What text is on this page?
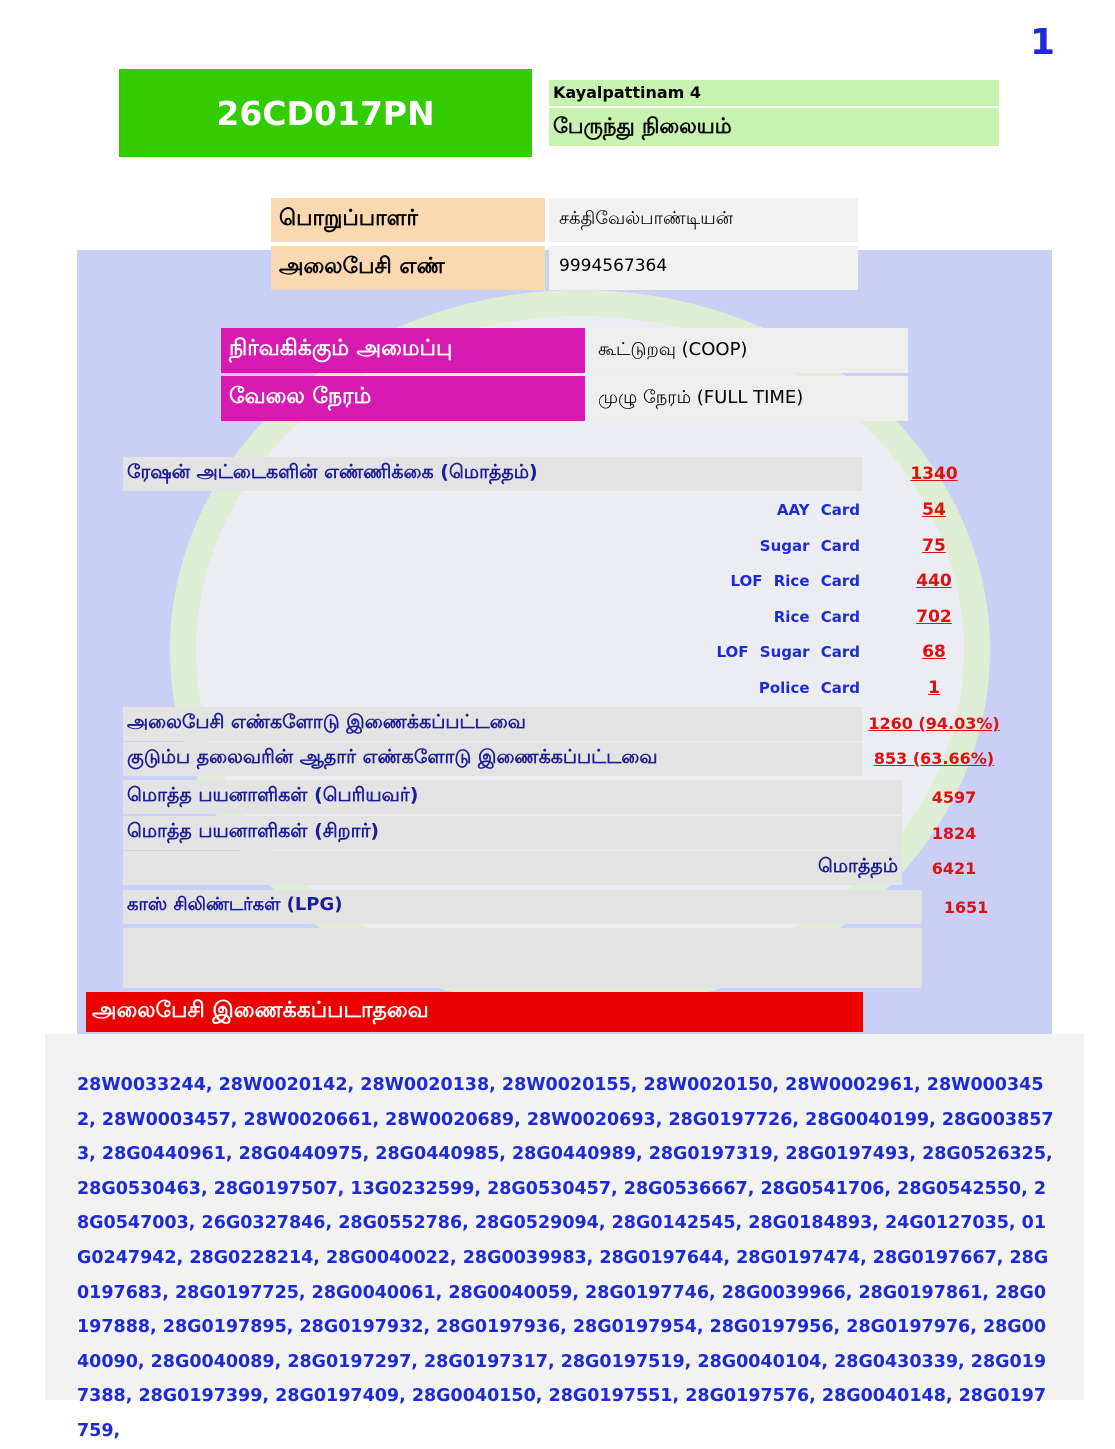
1
26CD017PN
Kayalpattinam 4
பேருந்து நிலையம்
பொறுப்பாளர்	சக்திவேல்பாண்டியன்
அலைபேசி எண்	9994567364
நிர்வகிக்கும் அமைப்பு	கூட்டுறவு (COOP)
வேலை நேரம்	முழு நேரம் (FULL TIME)
ரேஷன் அட்டைகளின் எண்ணிக்கை (மொத்தம்)	1340
AAY Card	54
Sugar Card	75
LOF Rice Card	440
Rice Card	702
LOF Sugar Card	68
Police Card	1
அலைபேசி எண்களோடு இணைக்கப்பட்டவை	1260 (94.03%)
குடும்ப தலைவரின் ஆதார் எண்களோடு இணைக்கப்பட்டவை	853 (63.66%)
மொத்த பயனாளிகள் (பெரியவர்)	4597
மொத்த பயனாளிகள் (சிறார்)	1824
மொத்தம்	6421
காஸ் சிலிண்டர்கள் (LPG)	1651
அலைபேசி இணைக்கப்படாதவை
28W0033244, 28W0020142, 28W0020138, 28W0020155, 28W0020150, 28W0002961, 28W0003452, 28W0003457, 28W0020661, 28W0020689, 28W0020693, 28G0197726, 28G0040199, 28G0038573, 28G0440961, 28G0440975, 28G0440985, 28G0440989, 28G0197319, 28G0197493, 28G0526325, 28G0530463, 28G0197507, 13G0232599, 28G0530457, 28G0536667, 28G0541706, 28G0542550, 28G0547003, 26G0327846, 28G0552786, 28G0529094, 28G0142545, 28G0184893, 24G0127035, 01G0247942, 28G0228214, 28G0040022, 28G0039983, 28G0197644, 28G0197474, 28G0197667, 28G0197683, 28G0197725, 28G0040061, 28G0040059, 28G0197746, 28G0039966, 28G0197861, 28G0197888, 28G0197895, 28G0197932, 28G0197936, 28G0197954, 28G0197956, 28G0197976, 28G0040090, 28G0040089, 28G0197297, 28G0197317, 28G0197519, 28G0040104, 28G0430339, 28G0197388, 28G0197399, 28G0197409, 28G0040150, 28G0197551, 28G0197576, 28G0040148, 28G0197759,
